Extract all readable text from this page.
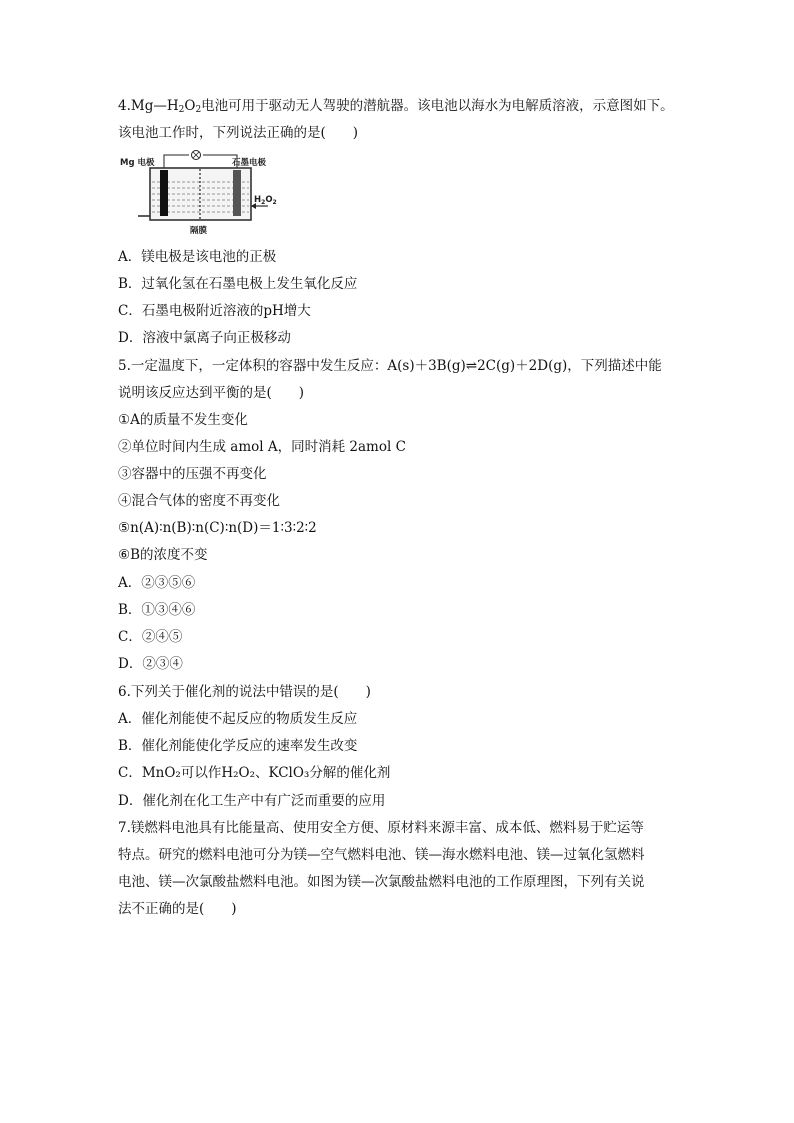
$4.Mg—H_2O_2$电池可用于驱动无人驾驶的潜航器。该电池以海水为电解质溶液，示意图如下。
该电池工作时，下列说法正确的是(　　)
Mg 电极	石墨电极
$H_2O_2$
隔膜
A．镁电极是该电池的正极
B．过氧化氢在石墨电极上发生氧化反应
C．石墨电极附近溶液的pH增大
D．溶液中氯离子向正极移动
5.一定温度下，一定体积的容器中发生反应：A(s)＋3B(g)⇌2C(g)＋2D(g)，下列描述中能
说明该反应达到平衡的是(　　)
①A的质量不发生变化
②单位时间内生成 amol A，同时消耗 2amol C
③容器中的压强不再变化
④混合气体的密度不再变化
⑤n(A)∶n(B)∶n(C)∶n(D)＝1∶3∶2∶2
⑥B的浓度不变
A．②③⑤⑥
B．①③④⑥
C．②④⑤
D．②③④
6.下列关于催化剂的说法中错误的是(　　)
A．催化剂能使不起反应的物质发生反应
B．催化剂能使化学反应的速率发生改变
C．MnO₂可以作H₂O₂、KClO₃分解的催化剂
D．催化剂在化工生产中有广泛而重要的应用
7.镁燃料电池具有比能量高、使用安全方便、原材料来源丰富、成本低、燃料易于贮运等
特点。研究的燃料电池可分为镁—空气燃料电池、镁—海水燃料电池、镁—过氧化氢燃料
电池、镁—次氯酸盐燃料电池。如图为镁—次氯酸盐燃料电池的工作原理图，下列有关说
法不正确的是(　　)
